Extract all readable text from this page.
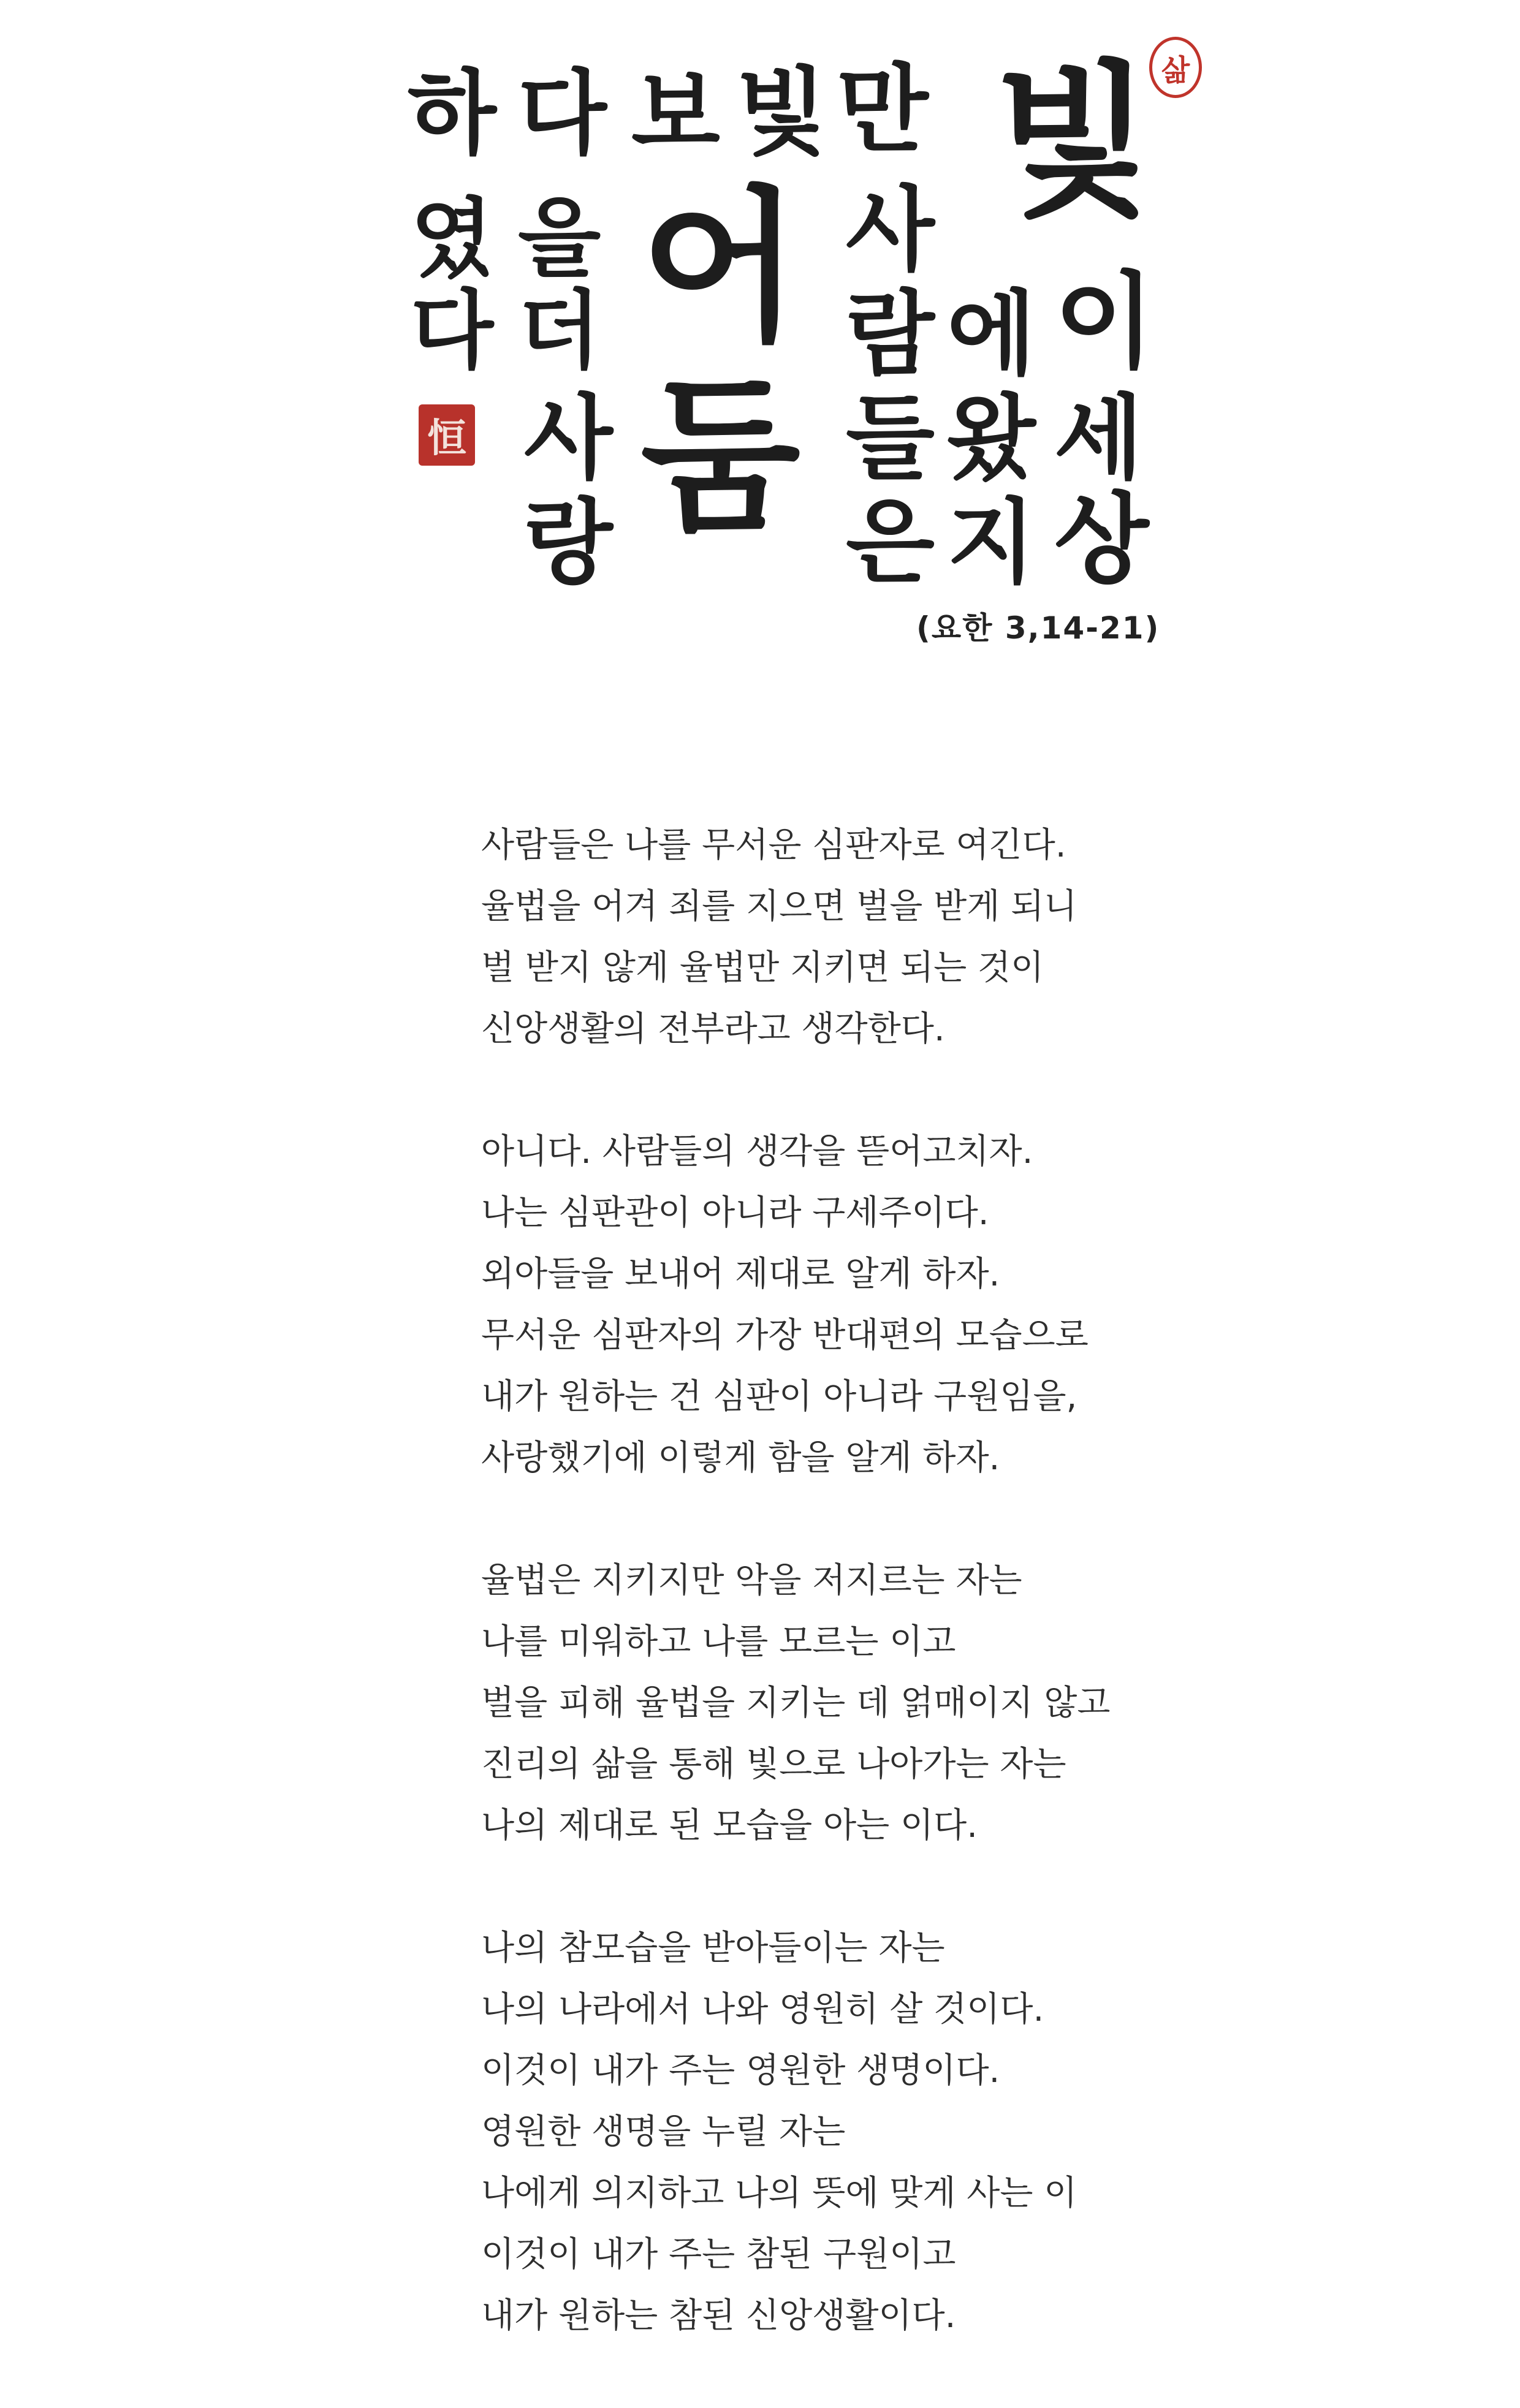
하 다 보 빛 만 빛
였 을 어 사
다 더	람 에 이
사 둠 들 왔 세
랑	은 지 상
삶
恒
(요한 3,14-21)
사람들은 나를 무서운 심판자로 여긴다.
율법을 어겨 죄를 지으면 벌을 받게 되니
벌 받지 않게 율법만 지키면 되는 것이
신앙생활의 전부라고 생각한다.
아니다. 사람들의 생각을 뜯어고치자.
나는 심판관이 아니라 구세주이다.
외아들을 보내어 제대로 알게 하자.
무서운 심판자의 가장 반대편의 모습으로
내가 원하는 건 심판이 아니라 구원임을,
사랑했기에 이렇게 함을 알게 하자.
율법은 지키지만 악을 저지르는 자는
나를 미워하고 나를 모르는 이고
벌을 피해 율법을 지키는 데 얽매이지 않고
진리의 삶을 통해 빛으로 나아가는 자는
나의 제대로 된 모습을 아는 이다.
나의 참모습을 받아들이는 자는
나의 나라에서 나와 영원히 살 것이다.
이것이 내가 주는 영원한 생명이다.
영원한 생명을 누릴 자는
나에게 의지하고 나의 뜻에 맞게 사는 이
이것이 내가 주는 참된 구원이고
내가 원하는 참된 신앙생활이다.
